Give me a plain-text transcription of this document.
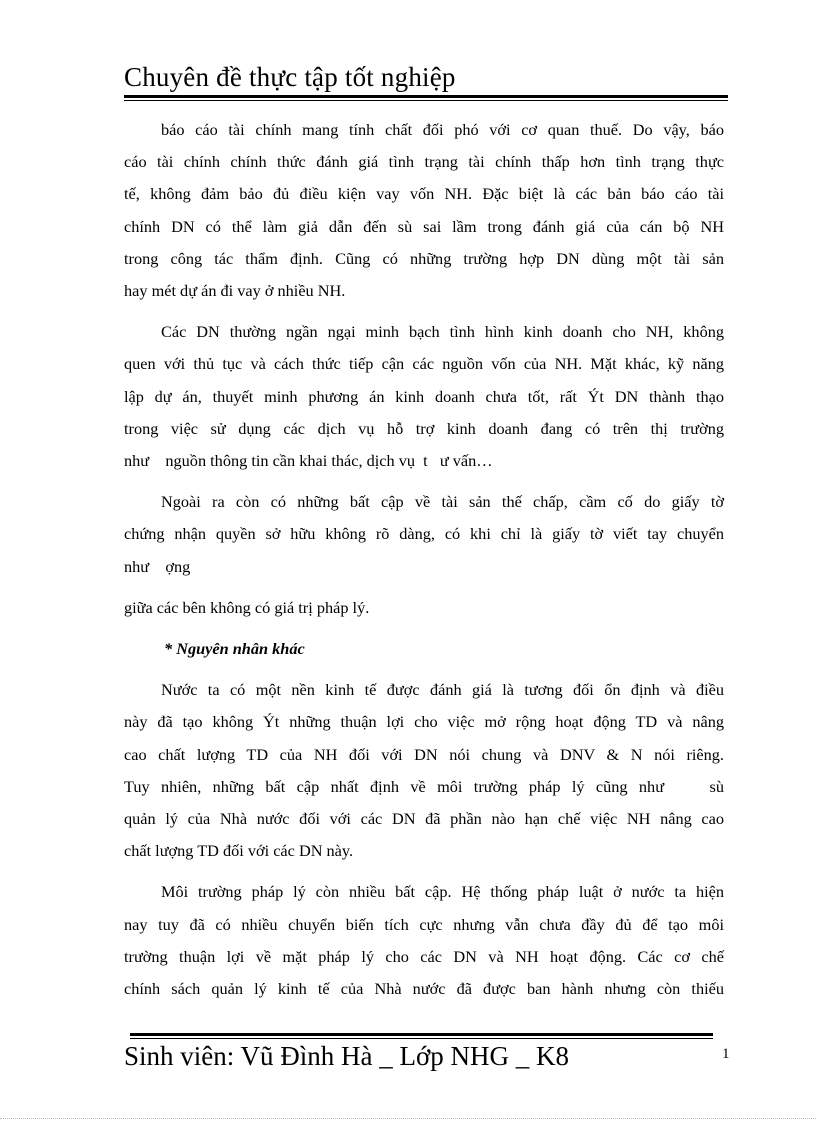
Chuyên đề thực tập tốt nghiệp

báo cáo tài chính mang tính chất đối phó với cơ quan thuế. Do vậy, báo
cáo tài chính chính thức đánh giá tình trạng tài chính thấp hơn tình trạng thực
tế, không đảm bảo đủ điều kiện vay vốn NH. Đặc biệt là các bản báo cáo tài
chính DN có thể làm giả dẫn đến sù sai lầm trong đánh giá của cán bộ NH
trong công tác thẩm định. Cũng có những trường hợp DN dùng một tài sản
hay mét dự án đi vay ở nhiều NH.

Các DN thường ngần ngại minh bạch tình hình kinh doanh cho NH, không
quen với thủ tục và cách thức tiếp cận các nguồn vốn của NH. Mặt khác, kỹ năng
lập dự án, thuyết minh phương án kinh doanh chưa tốt, rất Ýt DN thành thạo
trong việc sử dụng các dịch vụ hỗ trợ kinh doanh đang có trên thị trường
như    nguồn thông tin cần khai thác, dịch vụ  t   ư vấn…

Ngoài ra còn có những bất cập về tài sản thế chấp, cầm cố do giấy tờ
chứng nhận quyền sở hữu không rõ dàng, có khi chỉ là giấy tờ viết tay chuyển
như    ợng

giữa các bên không có giá trị pháp lý.

* Nguyên nhân khác

Nước ta có một nền kinh tế được đánh giá là tương đối ổn định và điều
này đã tạo không Ýt những thuận lợi cho việc mở rộng hoạt động TD và nâng
cao chất lượng TD của NH đối với DN nói chung và DNV & N nói riêng.
Tuy nhiên, những bất cập nhất định về môi trường pháp lý cũng như    sù
quản lý của Nhà nước đối với các DN đã phần nào hạn chế việc NH nâng cao
chất lượng TD đối với các DN này.

Môi trường pháp lý còn nhiều bất cập. Hệ thống pháp luật ở nước ta hiện
nay tuy đã có nhiều chuyển biến tích cực nhưng vẫn chưa đầy đủ để tạo môi
trường thuận lợi về mặt pháp lý cho các DN và NH hoạt động. Các cơ chế
chính sách quản lý kinh tế của Nhà nước đã được ban hành nhưng còn thiếu

Sinh viên: Vũ Đình Hà _ Lớp NHG _ K8	1
